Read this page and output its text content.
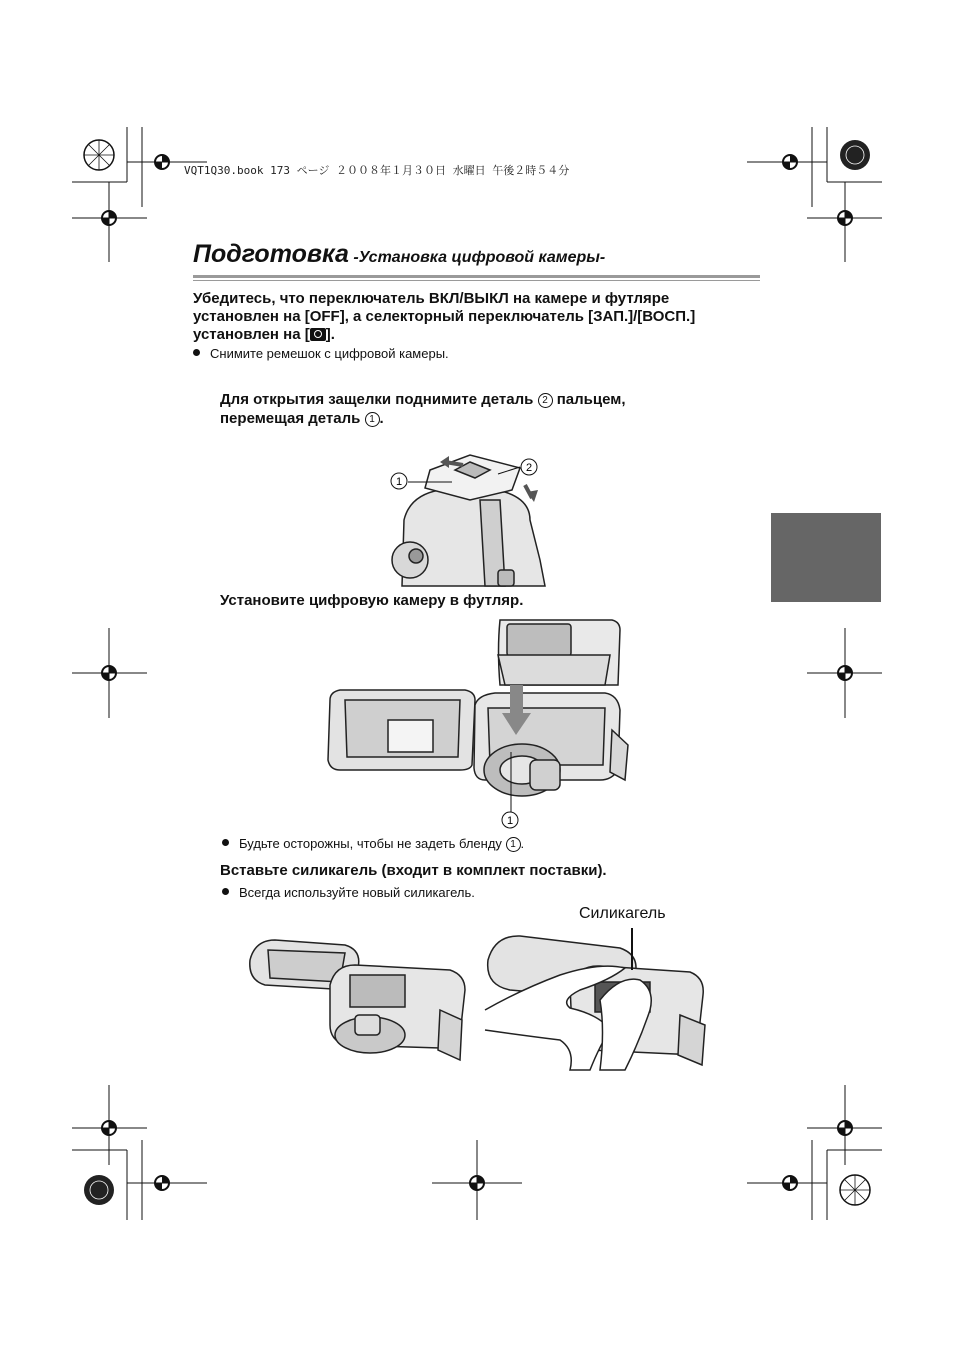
VQT1Q30.book 173 ページ ２００８年１月３０日 水曜日 午後２時５４分
Подготовка -Установка цифровой камеры-
Убедитесь, что переключатель ВКЛ/ВЫКЛ на камере и футляре
установлен на [OFF], а селекторный переключатель [ЗАП.]/[ВОСП.]
установлен на [ ].
Снимите ремешок с цифровой камеры.
Для открытия защелки поднимите деталь 2 пальцем,
перемещая деталь 1 .
1
2
Установите цифровую камеру в футляр.
1
Будьте осторожны, чтобы не задеть бленду 1 .
Вставьте силикагель (входит в комплект поставки).
Всегда используйте новый силикагель.
Силикагель
